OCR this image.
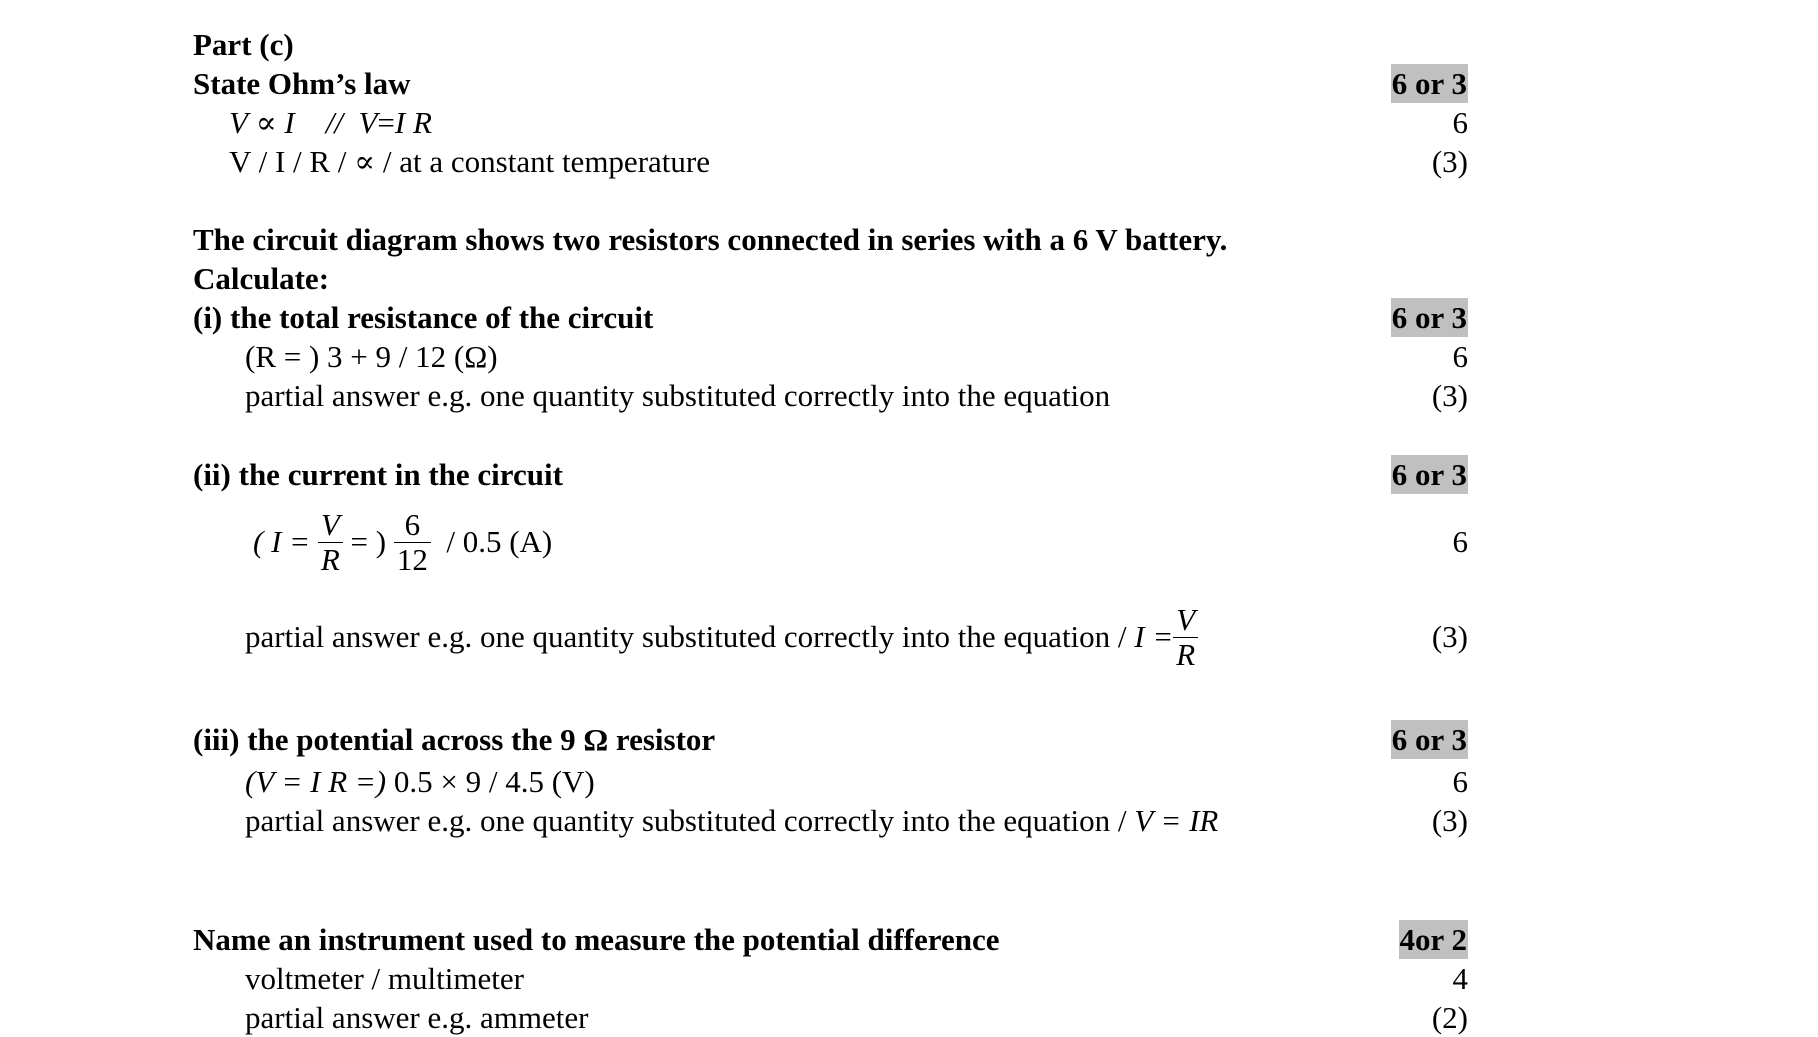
Part (c)
State Ohm’s law	6 or 3
V ∝ I // V=I R	6
V / I / R / ∝ / at a constant temperature	(3)
The circuit diagram shows two resistors connected in series with a 6 V battery.
Calculate:
(i) the total resistance of the circuit	6 or 3
(R = ) 3 + 9 / 12 (Ω)	6
partial answer e.g. one quantity substituted correctly into the equation	(3)
(ii) the current in the circuit	6 or 3
( $I = \frac{V}{R}$ = ) $\frac{6}{12} / 0.5$ (A)	6
partial answer e.g. one quantity substituted correctly into the equation / $I = \frac{V}{R}$	(3)
(iii) the potential across the 9 Ω resistor	6 or 3
(V = I R =) 0.5 × 9 / 4.5 (V)	6
partial answer e.g. one quantity substituted correctly into the equation / V = IR	(3)
Name an instrument used to measure the potential difference	4or 2
voltmeter / multimeter	4
partial answer e.g. ammeter	(2)
